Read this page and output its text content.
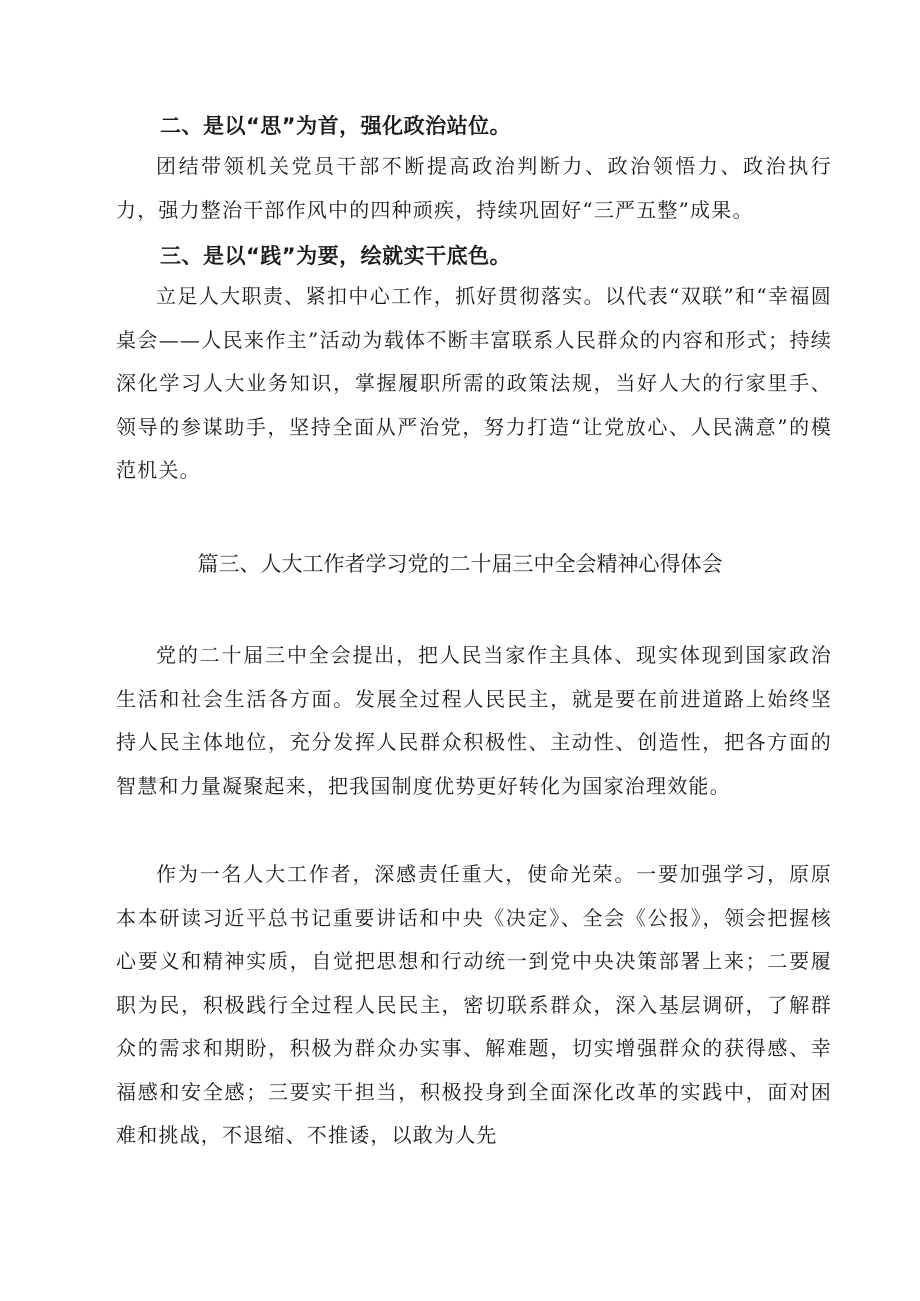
二、是以“思”为首，强化政治站位。
团结带领机关党员干部不断提高政治判断力、政治领悟力、政治执行力，强力整治干部作风中的四种顽疾，持续巩固好“三严五整”成果。
三、是以“践”为要，绘就实干底色。
立足人大职责、紧扣中心工作，抓好贯彻落实。以代表“双联”和“幸福圆桌会——人民来作主”活动为载体不断丰富联系人民群众的内容和形式；持续深化学习人大业务知识，掌握履职所需的政策法规，当好人大的行家里手、领导的参谋助手，坚持全面从严治党，努力打造“让党放心、人民满意”的模范机关。
篇三、人大工作者学习党的二十届三中全会精神心得体会
党的二十届三中全会提出，把人民当家作主具体、现实体现到国家政治生活和社会生活各方面。发展全过程人民民主，就是要在前进道路上始终坚持人民主体地位，充分发挥人民群众积极性、主动性、创造性，把各方面的智慧和力量凝聚起来，把我国制度优势更好转化为国家治理效能。
作为一名人大工作者，深感责任重大，使命光荣。一要加强学习，原原本本研读习近平总书记重要讲话和中央《决定》、全会《公报》，领会把握核心要义和精神实质，自觉把思想和行动统一到党中央决策部署上来；二要履职为民，积极践行全过程人民民主，密切联系群众，深入基层调研，了解群众的需求和期盼，积极为群众办实事、解难题，切实增强群众的获得感、幸福感和安全感；三要实干担当，积极投身到全面深化改革的实践中，面对困难和挑战，不退缩、不推诿，以敢为人先
